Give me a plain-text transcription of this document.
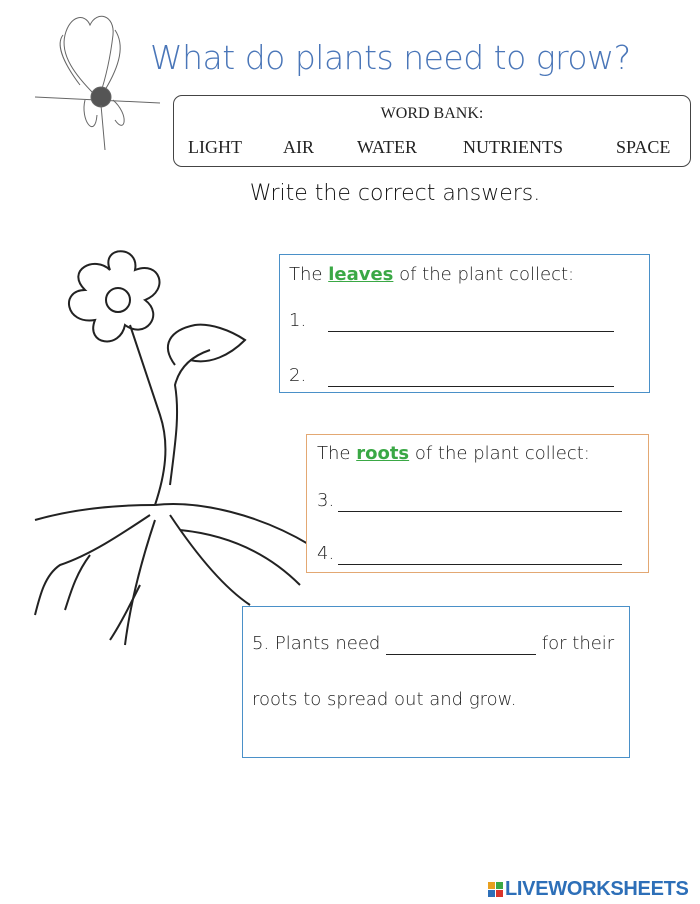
What do plants need to grow?
WORD BANK:
LIGHT AIR WATER	NUTRIENTS	SPACE
Write the correct answers.
The leaves of the plant collect:
1.
2.
The roots of the plant collect:
3.
4.
5. Plants need	for their
roots to spread out and grow.
LIVEWORKSHEETS
